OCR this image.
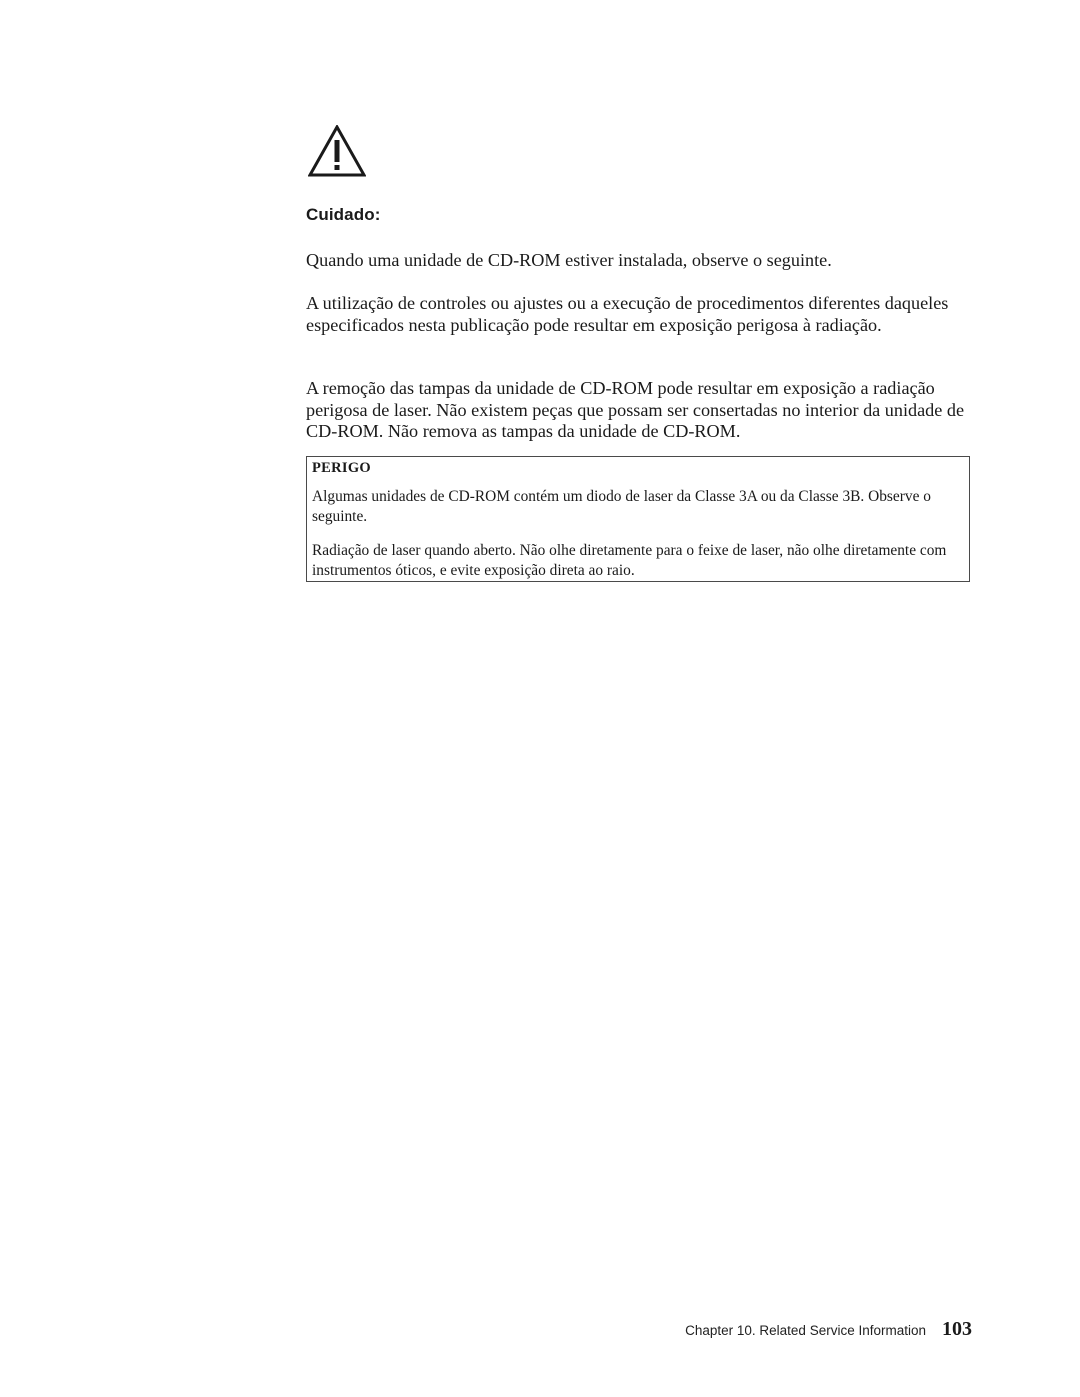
Cuidado:

Quando uma unidade de CD-ROM estiver instalada, observe o seguinte.

A utilização de controles ou ajustes ou a execução de procedimentos diferentes daqueles especificados nesta publicação pode resultar em exposição perigosa à radiação.

A remoção das tampas da unidade de CD-ROM pode resultar em exposição a radiação perigosa de laser. Não existem peças que possam ser consertadas no interior da unidade de CD-ROM. Não remova as tampas da unidade de CD-ROM.

PERIGO

Algumas unidades de CD-ROM contém um diodo de laser da Classe 3A ou da Classe 3B. Observe o seguinte.

Radiação de laser quando aberto. Não olhe diretamente para o feixe de laser, não olhe diretamente com instrumentos óticos, e evite exposição direta ao raio.

Chapter 10. Related Service Information 103
